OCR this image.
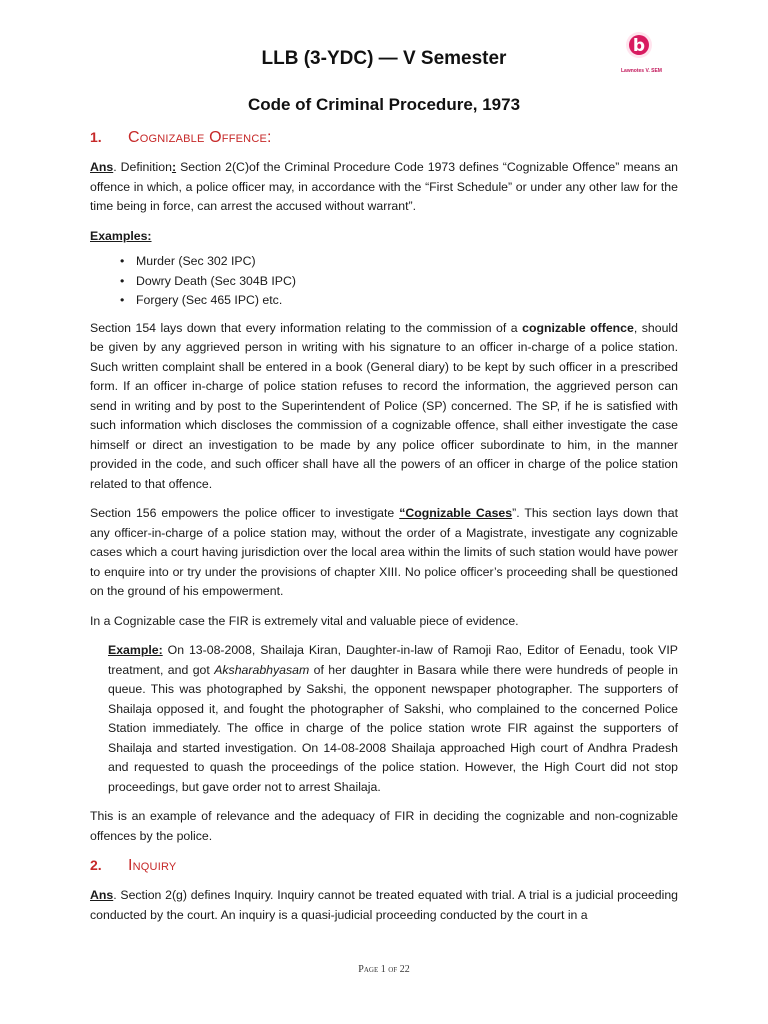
LLB (3-YDC) — V Semester
b
Lawnotes V. SEM
Code of Criminal Procedure, 1973
1.	Cognizable Offence:

Ans. Definition: Section 2(C)of the Criminal Procedure Code 1973 defines “Cognizable Offence” means an offence in which, a police officer may, in accordance with the “First Schedule” or under any other law for the time being in force, can arrest the accused without warrant”.

Examples:
• Murder (Sec 302 IPC)
• Dowry Death (Sec 304B IPC)
• Forgery (Sec 465 IPC) etc.

Section 154 lays down that every information relating to the commission of a cognizable offence, should be given by any aggrieved person in writing with his signature to an officer in-charge of a police station. Such written complaint shall be entered in a book (General diary) to be kept by such officer in a prescribed form. If an officer in-charge of police station refuses to record the information, the aggrieved person can send in writing and by post to the Superintendent of Police (SP) concerned. The SP, if he is satisfied with such information which discloses the commission of a cognizable offence, shall either investigate the case himself or direct an investigation to be made by any police officer subordinate to him, in the manner provided in the code, and such officer shall have all the powers of an officer in charge of the police station related to that offence.

Section 156 empowers the police officer to investigate “Cognizable Cases”. This section lays down that any officer-in-charge of a police station may, without the order of a Magistrate, investigate any cognizable cases which a court having jurisdiction over the local area within the limits of such station would have power to enquire into or try under the provisions of chapter XIII. No police officer’s proceeding shall be questioned on the ground of his empowerment.

In a Cognizable case the FIR is extremely vital and valuable piece of evidence.

Example: On 13-08-2008, Shailaja Kiran, Daughter-in-law of Ramoji Rao, Editor of Eenadu, took VIP treatment, and got Aksharabhyasam of her daughter in Basara while there were hundreds of people in queue. This was photographed by Sakshi, the opponent newspaper photographer. The supporters of Shailaja opposed it, and fought the photographer of Sakshi, who complained to the concerned Police Station immediately. The office in charge of the police station wrote FIR against the supporters of Shailaja and started investigation. On 14-08-2008 Shailaja approached High court of Andhra Pradesh and requested to quash the proceedings of the police station. However, the High Court did not stop proceedings, but gave order not to arrest Shailaja.

This is an example of relevance and the adequacy of FIR in deciding the cognizable and non-cognizable offences by the police.

2.	Inquiry

Ans. Section 2(g) defines Inquiry. Inquiry cannot be treated equated with trial. A trial is a judicial proceeding conducted by the court. An inquiry is a quasi-judicial proceeding conducted by the court in a

Page 1 of 22
